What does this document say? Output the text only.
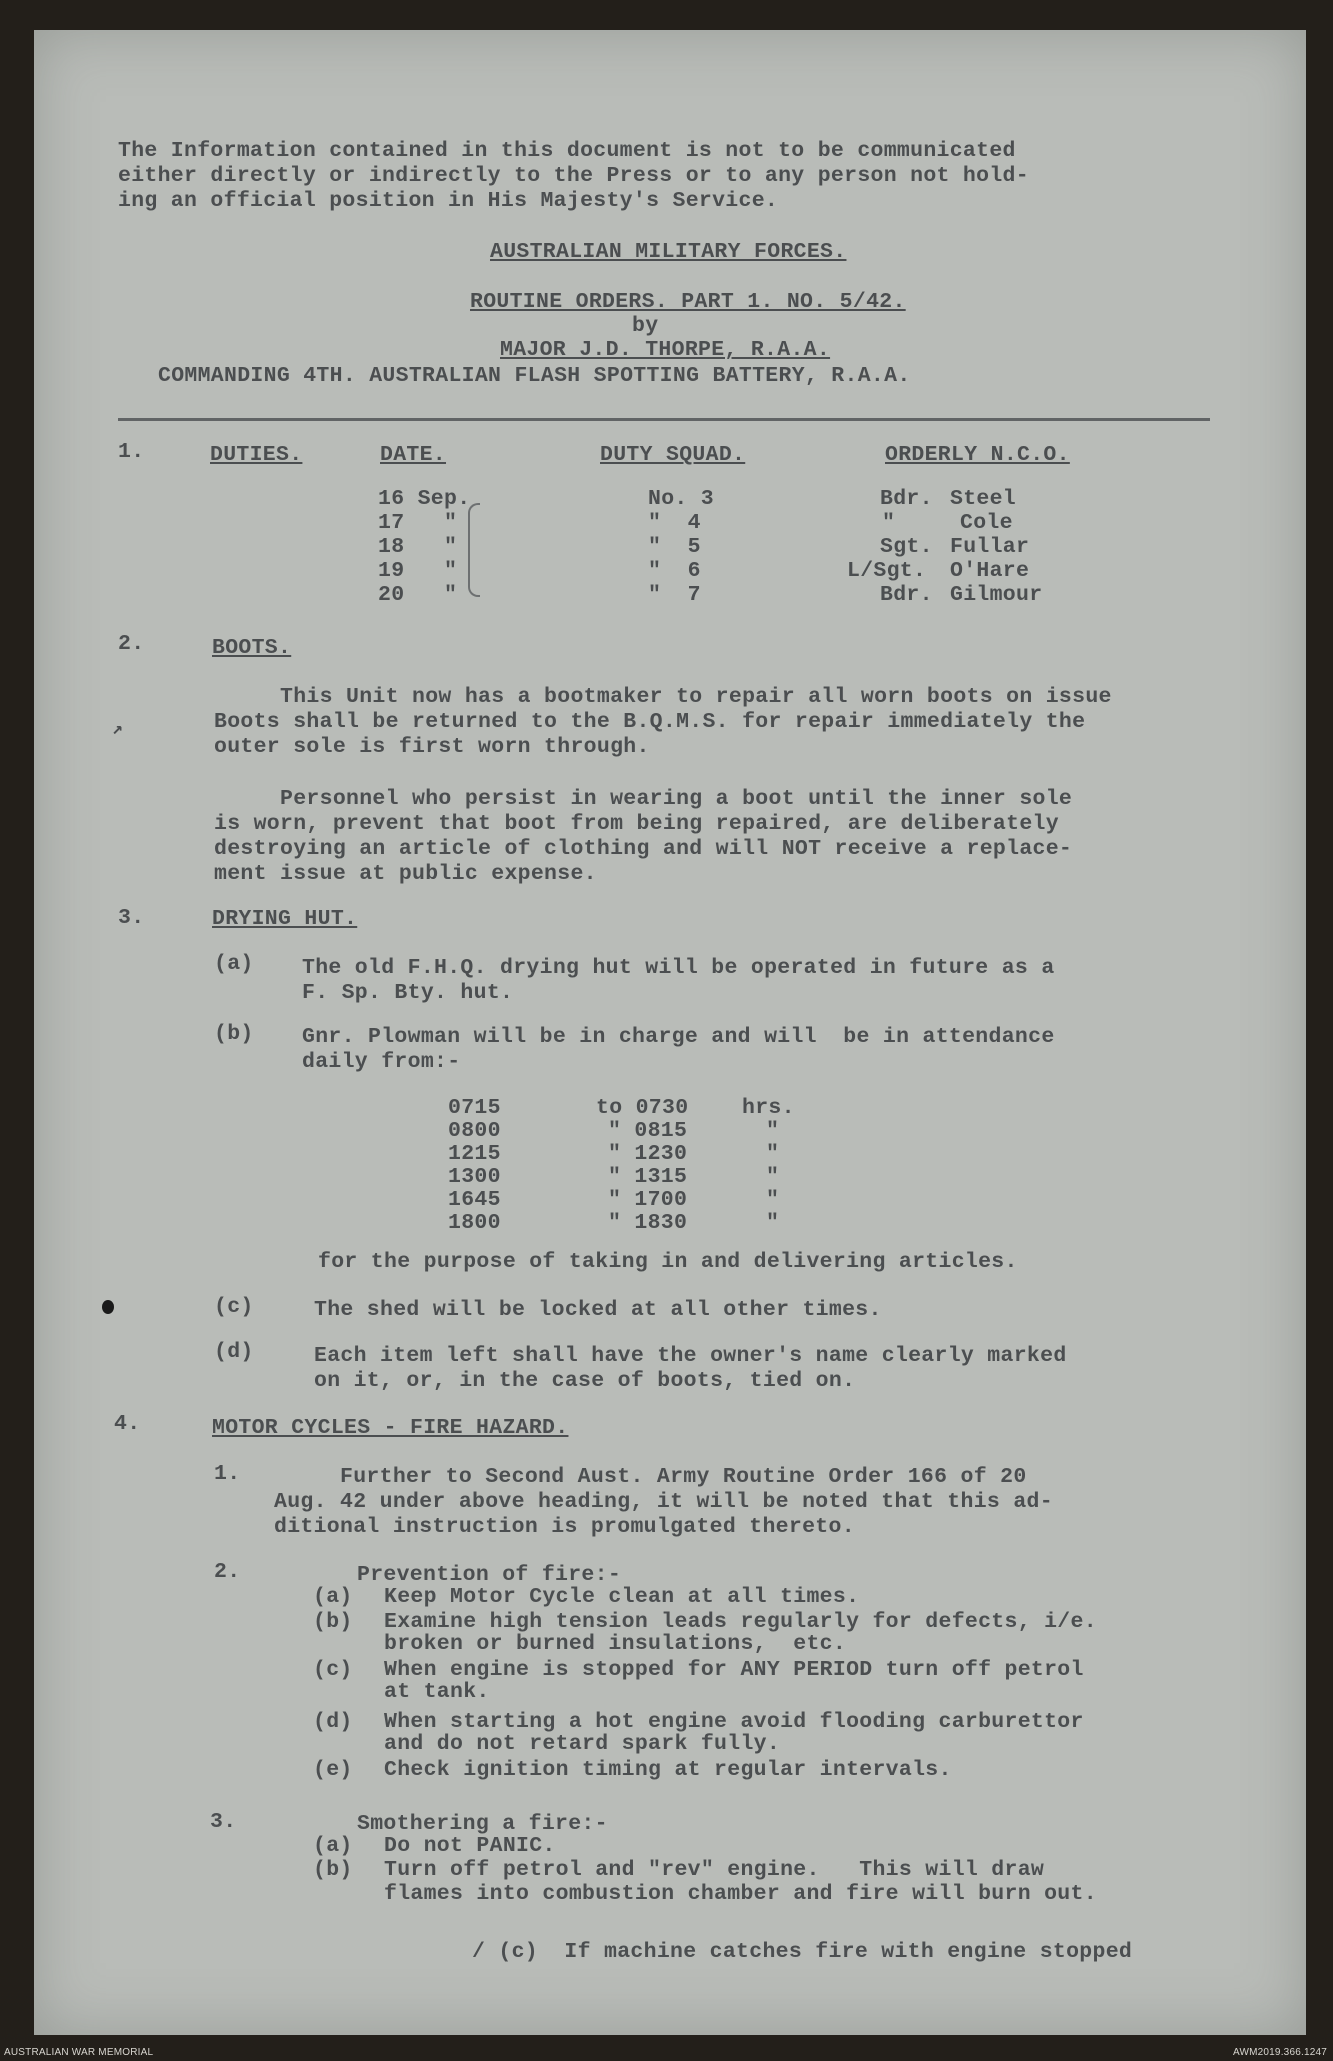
The Information contained in this document is not to be communicated
either directly or indirectly to the Press or to any person not hold-
ing an official position in His Majesty's Service.
AUSTRALIAN MILITARY FORCES.
ROUTINE ORDERS. PART 1. NO. 5/42.
by
MAJOR J.D. THORPE, R.A.A.
COMMANDING 4TH. AUSTRALIAN FLASH SPOTTING BATTERY, R.A.A.
1.	DUTIES.	DATE.	DUTY SQUAD.	ORDERLY N.C.O.
16 Sep.	No. 3	Bdr. Steel
17   "	"  4	"	Cole
18   "	"  5	Sgt. Fullar
19   "	"  6	L/Sgt. O'Hare
20   "	"  7	Bdr. Gilmour
2.	BOOTS.
This Unit now has a bootmaker to repair all worn boots on issue
Boots shall be returned to the B.Q.M.S. for repair immediately the
outer sole is first worn through.
Personnel who persist in wearing a boot until the inner sole
is worn, prevent that boot from being repaired, are deliberately
destroying an article of clothing and will NOT receive a replace-
ment issue at public expense.
3.	DRYING HUT.
(a) The old F.H.Q. drying hut will be operated in future as a
F. Sp. Bty. hut.
(b) Gnr. Plowman will be in charge and will  be in attendance
daily from:-
0715	to 0730 hrs.
0800	" 0815	"
1215	" 1230	"
1300	" 1315	"
1645	" 1700	"
1800	" 1830	"
for the purpose of taking in and delivering articles.
(c)	The shed will be locked at all other times.
(d)	Each item left shall have the owner's name clearly marked
on it, or, in the case of boots, tied on.
4.	MOTOR CYCLES - FIRE HAZARD.
1. Further to Second Aust. Army Routine Order 166 of 20
Aug. 42 under above heading, it will be noted that this ad-
ditional instruction is promulgated thereto.
2.	Prevention of fire:-
(a) Keep Motor Cycle clean at all times.
(b) Examine high tension leads regularly for defects, i/e.
broken or burned insulations,  etc.
(c) When engine is stopped for ANY PERIOD turn off petrol
at tank.
(d) When starting a hot engine avoid flooding carburettor
and do not retard spark fully.
(e) Check ignition timing at regular intervals.
3.	Smothering a fire:-
(a) Do not PANIC.
(b) Turn off petrol and "rev" engine.   This will draw
flames into combustion chamber and fire will burn out.
/ (c)  If machine catches fire with engine stopped
↗
AUSTRALIAN WAR MEMORIAL	AWM2019.366.1247
